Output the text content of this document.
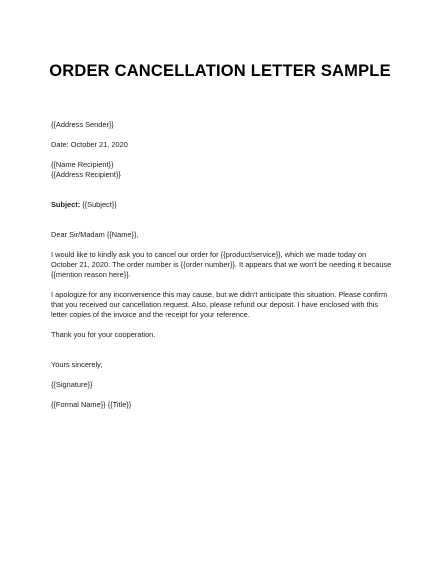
ORDER CANCELLATION LETTER SAMPLE
{{Address Sender}}
Date: October 21, 2020
{{Name Recipient}}
{{Address Recipient}}
Subject: {{Subject}}
Dear Sir/Madam {{Name}},
I would like to kindly ask you to cancel our order for {{product/service}}, which we made today on
October 21, 2020. The order number is {{order number}}. It appears that we won't be needing it because
{{mention reason here}}.
I apologize for any inconvenience this may cause, but we didn't anticipate this situation. Please confirm
that you received our cancellation request. Also, please refund our deposit. I have enclosed with this
letter copies of the invoice and the receipt for your reference.
Thank you for your cooperation.
Yours sincerely,
{{Signature}}
{{Formal Name}} {{Title}}
